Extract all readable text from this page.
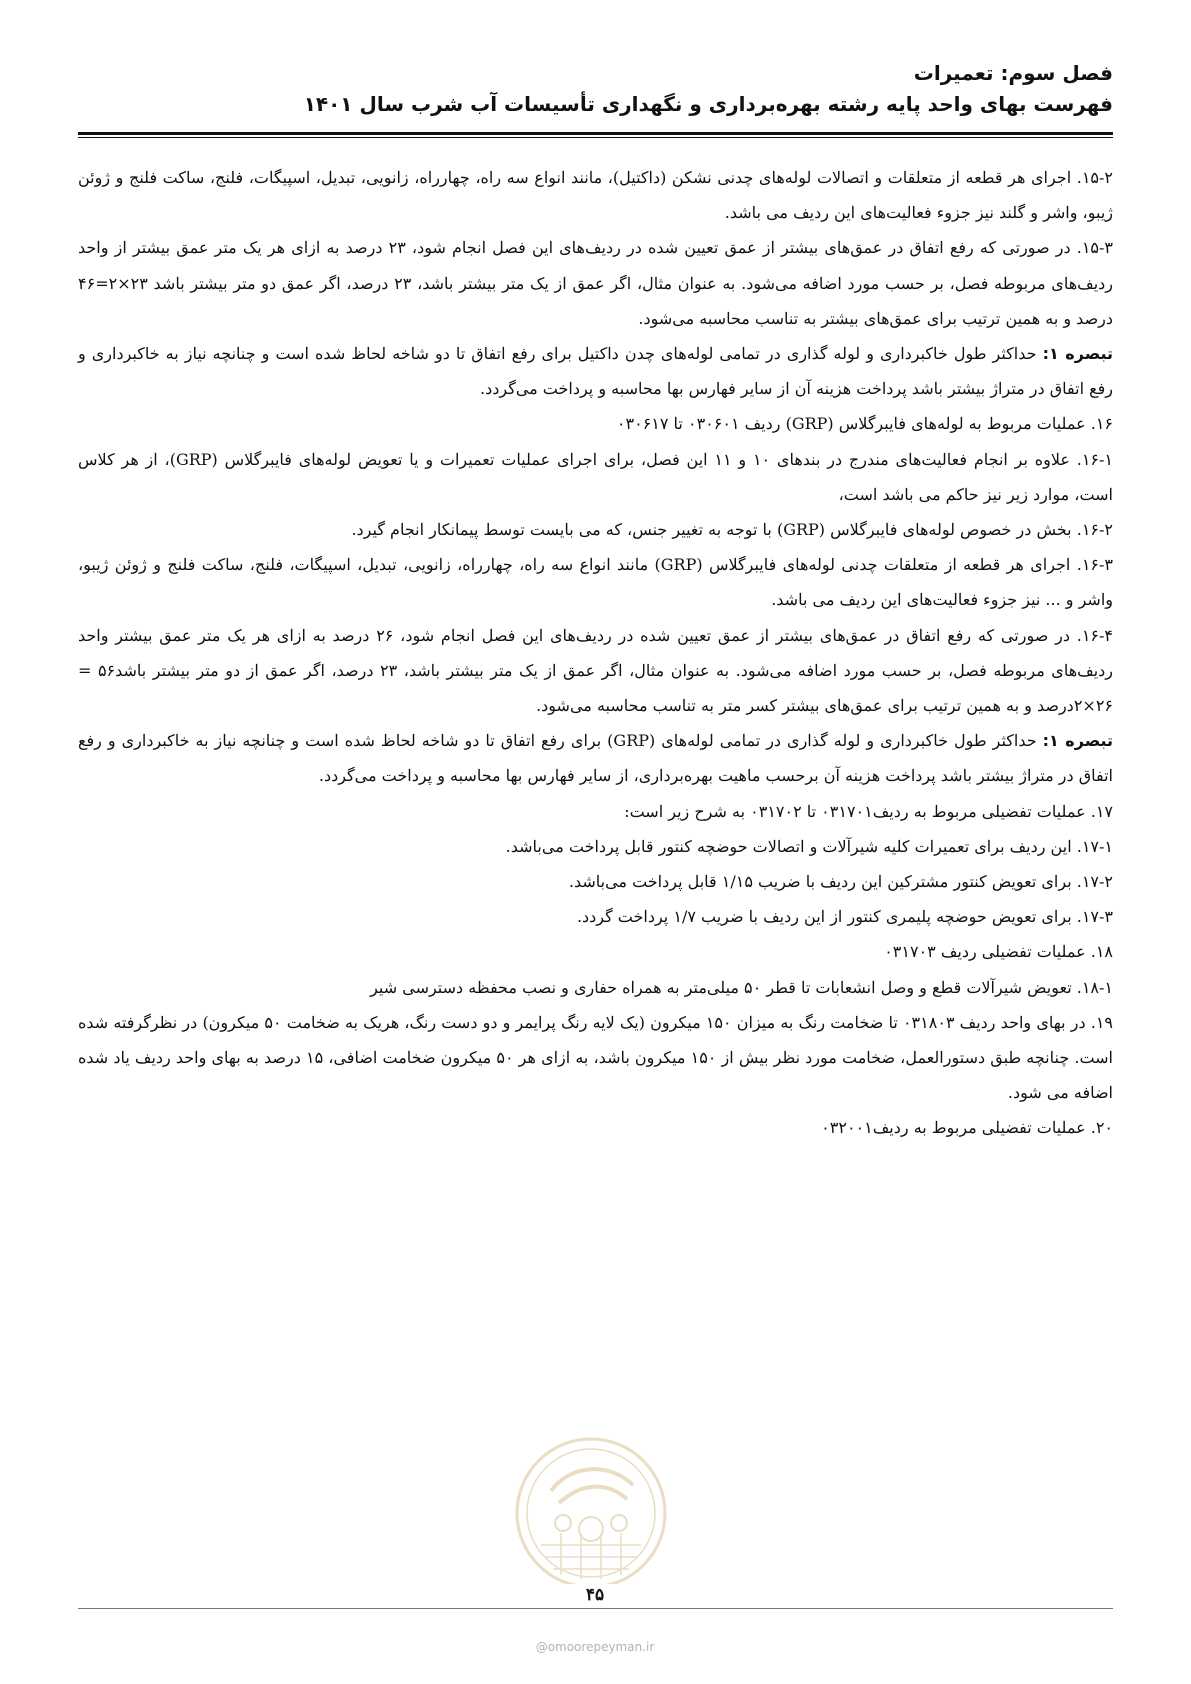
فصل سوم: تعمیرات
فهرست بهای واحد پایه رشته بهره‌برداری و نگهداری تأسیسات آب شرب سال ۱۴۰۱

۱۵-۲. اجرای هر قطعه از متعلقات و اتصالات لوله‌های چدنی نشکن (داکتیل)، مانند انواع سه راه، چهارراه، زانویی، تبدیل، اسپیگات، فلنج، ساکت فلنج و ژوئن ژیبو، واشر و گلند نیز جزوء فعالیت‌های این ردیف می باشد.

۱۵-۳. در صورتی که رفع اتفاق در عمق‌های بیشتر از عمق تعیین شده در ردیف‌های این فصل انجام شود، ۲۳ درصد به ازای هر یک متر عمق بیشتر از واحد ردیف‌های مربوطه فصل، بر حسب مورد اضافه می‌شود. به عنوان مثال، اگر عمق از یک متر بیشتر باشد، ۲۳ درصد، اگر عمق دو متر بیشتر باشد ۲۳×۲=۴۶ درصد و به همین ترتیب برای عمق‌های بیشتر به تناسب محاسبه می‌شود.

تبصره ۱: حداکثر طول خاکبرداری و لوله گذاری در تمامی لوله‌های چدن داکتیل برای رفع اتفاق تا دو شاخه لحاظ شده است و چنانچه نیاز به خاکبرداری و رفع اتفاق در متراژ بیشتر باشد پرداخت هزینه آن از سایر فهارس بها محاسبه و پرداخت می‌گردد.

۱۶. عملیات مربوط به لوله‌های فایبرگلاس (GRP) ردیف ۰۳۰۶۰۱ تا ۰۳۰۶۱۷

۱۶-۱. علاوه بر انجام فعالیت‌های مندرج در بندهای ۱۰ و ۱۱ این فصل، برای اجرای عملیات تعمیرات و یا تعویض لوله‌های فایبرگلاس (GRP)، از هر کلاس است، موارد زیر نیز حاکم می باشد است،

۱۶-۲. بخش در خصوص لوله‌های فایبرگلاس (GRP) با توجه به تغییر جنس، که می بایست توسط پیمانکار انجام گیرد.

۱۶-۳. اجرای هر قطعه از متعلقات چدنی لوله‌های فایبرگلاس (GRP) مانند انواع سه راه، چهارراه، زانویی، تبدیل، اسپیگات، فلنج، ساکت فلنج و ژوئن ژیبو، واشر و ... نیز جزوء فعالیت‌های این ردیف می باشد.

۱۶-۴. در صورتی که رفع اتفاق در عمق‌های بیشتر از عمق تعیین شده در ردیف‌های این فصل انجام شود، ۲۶ درصد به ازای هر یک متر عمق بیشتر واحد ردیف‌های مربوطه فصل، بر حسب مورد اضافه می‌شود. به عنوان مثال، اگر عمق از یک متر بیشتر باشد، ۲۳ درصد، اگر عمق از دو متر بیشتر باشد۵۶ = ۲۶×۲درصد و به همین ترتیب برای عمق‌های بیشتر کسر متر به تناسب محاسبه می‌شود.

تبصره ۱: حداکثر طول خاکبرداری و لوله گذاری در تمامی لوله‌های (GRP) برای رفع اتفاق تا دو شاخه لحاظ شده است و چنانچه نیاز به خاکبرداری و رفع اتفاق در متراژ بیشتر باشد پرداخت هزینه آن برحسب ماهیت بهره‌برداری، از سایر فهارس بها محاسبه و پرداخت می‌گردد.

۱۷. عملیات تفضیلی مربوط به ردیف۰۳۱۷۰۱ تا ۰۳۱۷۰۲ به شرح زیر است:

۱۷-۱. این ردیف برای تعمیرات کلیه شیرآلات و اتصالات حوضچه کنتور قابل پرداخت می‌باشد.

۱۷-۲. برای تعویض کنتور مشترکین این ردیف با ضریب ۱/۱۵ قابل پرداخت می‌باشد.

۱۷-۳. برای تعویض حوضچه پلیمری کنتور از این ردیف با ضریب ۱/۷ پرداخت گردد.

۱۸. عملیات تفضیلی ردیف ۰۳۱۷۰۳

۱۸-۱. تعویض شیرآلات قطع و وصل انشعابات تا قطر ۵۰ میلی‌متر به همراه حفاری و نصب محفظه دسترسی شیر

۱۹. در بهای واحد ردیف ۰۳۱۸۰۳ تا ضخامت رنگ به میزان ۱۵۰ میکرون (یک لایه رنگ پرایمر و دو دست رنگ، هریک به ضخامت ۵۰ میکرون) در نظرگرفته شده است. چنانچه طبق دستورالعمل، ضخامت مورد نظر بیش از ۱۵۰ میکرون باشد، به ازای هر ۵۰ میکرون ضخامت اضافی، ۱۵ درصد به بهای واحد ردیف یاد شده اضافه می شود.

۲۰. عملیات تفضیلی مربوط به ردیف۰۳۲۰۰۱

۴۵
@omoorepeyman.ir
